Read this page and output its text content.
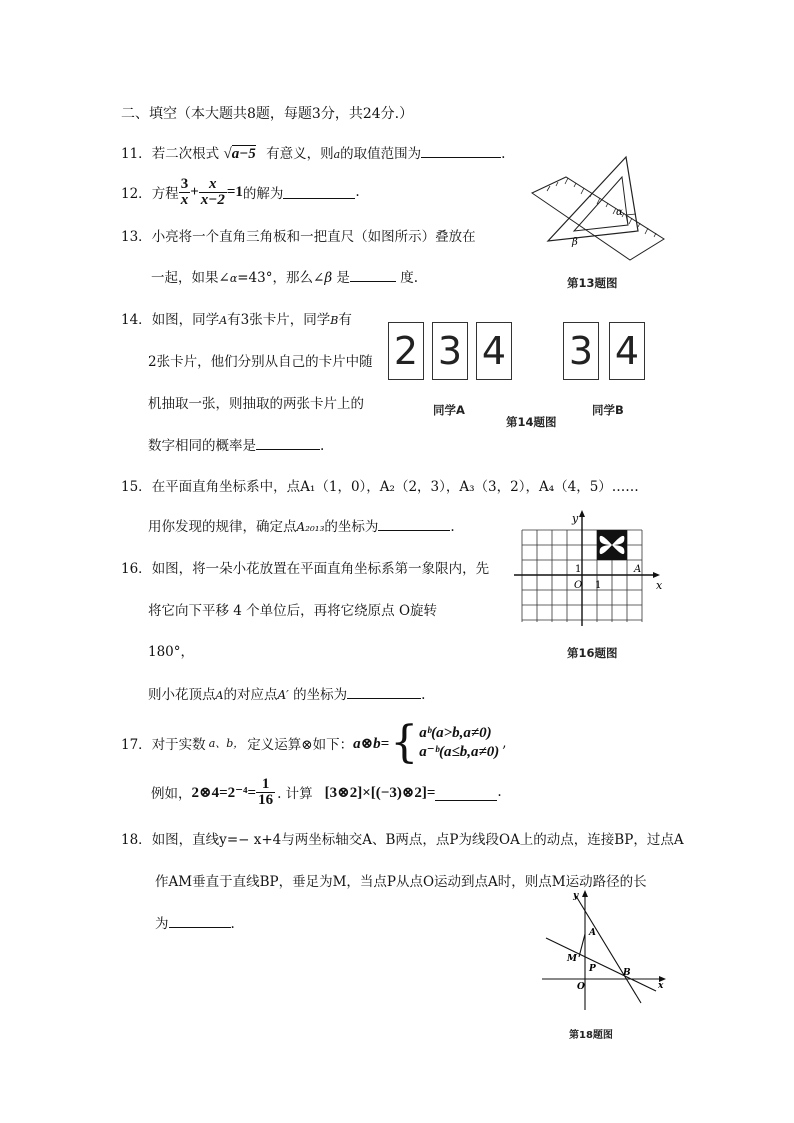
二、填空（本大题共8题，每题3分，共24分.）
11．若二次根式 √a−5 有意义，则a的取值范围为	.
12． 方程 $\frac{3}{x} + \frac{x}{x-2} =1$ 的解为	.
13．小亮将一个直角三角板和一把直尺（如图所示）叠放在
一起，如果∠α=43°，那么∠β 是	度.
α
β
第13题图
14．如图，同学A有3张卡片，同学B有
2张卡片，他们分别从自己的卡片中随
机抽取一张，则抽取的两张卡片上的
数字相同的概率是	.
2 3 4 3 4
同学A	同学B
第14题图
15．在平面直角坐标系中，点A₁（1，0），A₂（2，3），A₃（3，2），A₄（4，5）……
用你发现的规律，确定点A₂₀₁₃的坐标为	.
16．如图，将一朵小花放置在平面直角坐标系第一象限内，先
将它向下平移 4 个单位后，再将它绕原点 O旋转
180°，
则小花顶点A的对应点A′ 的坐标为	.
x
y
O 1
1	A
第16题图
17． 对于实数 a、b， 定义运算⊗如下： a⊗b= { aᵇ(a>b,a≠0)
a⁻ᵇ(a≤b,a≠0)
,
例如， 2⊗4=2⁻⁴= $\frac{1}{16}$ . 计算 [3⊗2]×[(−3)⊗2]=	.
18．如图，直线y=− x+4与两坐标轴交A、B两点，点P为线段OA上的动点，连接BP，过点A
作AM垂直于直线BP，垂足为M，当点P从点O运动到点A时，则点M运动路径的长
为	.
y
A
M
P	B
O	x
第18题图
